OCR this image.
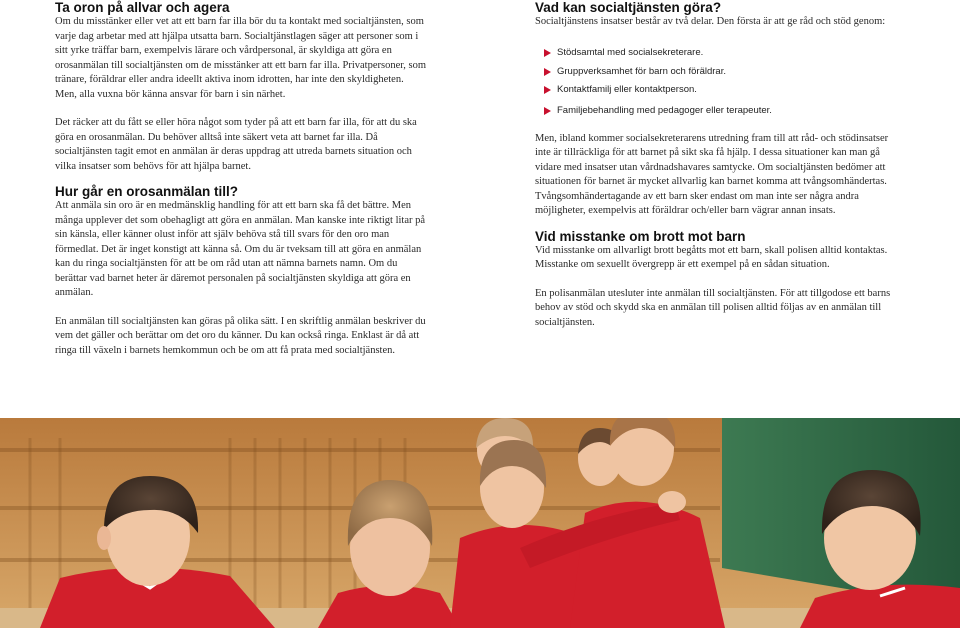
Ta oron på allvar och agera

Om du misstänker eller vet att ett barn far illa bör du ta kontakt med socialtjänsten, som varje dag arbetar med att hjälpa utsatta barn. Socialtjänstlagen säger att personer som i sitt yrke träffar barn, exempelvis lärare och vårdpersonal, är skyldiga att göra en orosanmälan till socialtjänsten om de misstänker att ett barn far illa. Privatpersoner, som tränare, föräldrar eller andra ideellt aktiva inom idrotten, har inte den skyldigheten. Men, alla vuxna bör känna ansvar för barn i sin närhet.

Det räcker att du fått se eller höra något som tyder på att ett barn far illa, för att du ska göra en orosanmälan. Du behöver alltså inte säkert veta att barnet far illa. Då socialtjänsten tagit emot en anmälan är deras uppdrag att utreda barnets situation och vilka insatser som behövs för att hjälpa barnet.

Hur går en orosanmälan till?

Att anmäla sin oro är en medmänsklig handling för att ett barn ska få det bättre. Men många upplever det som obehagligt att göra en anmälan. Man kanske inte riktigt litar på sin känsla, eller känner olust inför att själv behöva stå till svars för den oro man förmedlat. Det är inget konstigt att känna så. Om du är tveksam till att göra en anmälan kan du ringa socialtjänsten för att be om råd utan att nämna barnets namn. Om du berättar vad barnet heter är däremot personalen på socialtjänsten skyldiga att göra en anmälan.

En anmälan till socialtjänsten kan göras på olika sätt. I en skriftlig anmälan beskriver du vem det gäller och berättar om det oro du känner. Du kan också ringa. Enklast är då att ringa till växeln i barnets hemkommun och be om att få prata med socialtjänsten.

Vad kan socialtjänsten göra?

Socialtjänstens insatser består av två delar. Den första är att ge råd och stöd genom:

Stödsamtal med socialsekreterare.
Gruppverksamhet för barn och föräldrar.
Kontaktfamilj eller kontaktperson.
Familjebehandling med pedagoger eller terapeuter.

Men, ibland kommer socialsekreterarens utredning fram till att råd- och stödinsatser inte är tillräckliga för att barnet på sikt ska få hjälp. I dessa situationer kan man gå vidare med insatser utan vårdnadshavares samtycke. Om socialtjänsten bedömer att situationen för barnet är mycket allvarlig kan barnet komma att tvångsomhändertas. Tvångsomhändertagande av ett barn sker endast om man inte ser några andra möjligheter, exempelvis att föräldrar och/eller barn vägrar annan insats.

Vid misstanke om brott mot barn

Vid misstanke om allvarligt brott begåtts mot ett barn, skall polisen alltid kontaktas. Misstanke om sexuellt övergrepp är ett exempel på en sådan situation.

En polisanmälan utesluter inte anmälan till socialtjänsten. För att tillgodose ett barns behov av stöd och skydd ska en anmälan till polisen alltid följas av en anmälan till socialtjänsten.
